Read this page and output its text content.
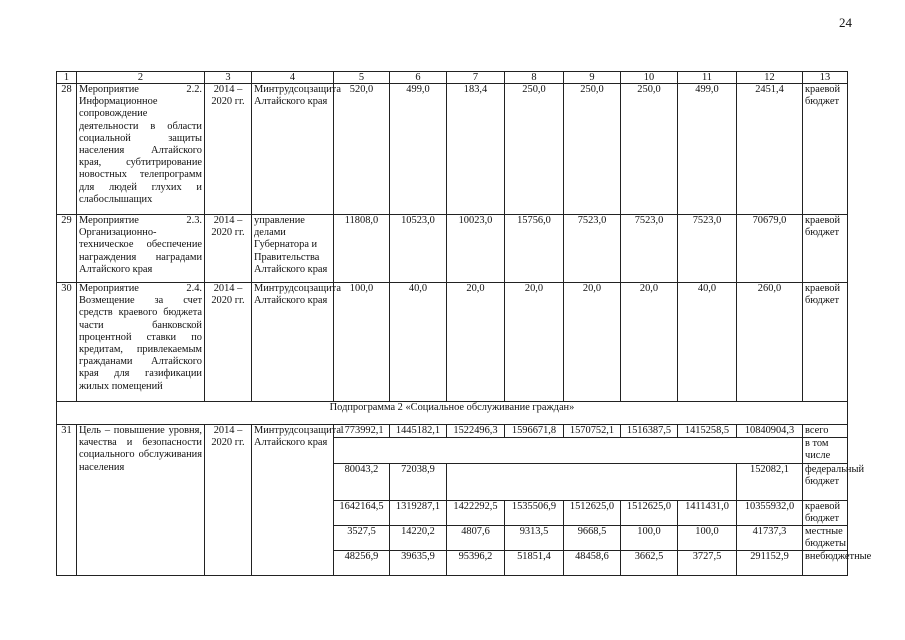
24
1	2	3	4	5	6	7	8	9	10	11	12	13
28	Мероприятие 2.2. Информационное сопровождение деятельности в области социальной защиты населения Алтайского края, субтитрирование новостных телепрограмм для людей глухих и слабослышащих	2014 – 2020 гг.	Минтрудсоцзащита Алтайского края	520,0	499,0	183,4	250,0	250,0	250,0	499,0	2451,4	краевой бюджет
29	Мероприятие 2.3. Организационно-техническое обеспечение награждения наградами Алтайского края	2014 – 2020 гг.	управление делами Губернатора и Правительства Алтайского края	11808,0	10523,0	10023,0	15756,0	7523,0	7523,0	7523,0	70679,0	краевой бюджет
30	Мероприятие 2.4. Возмещение за счет средств краевого бюджета части банковской процентной ставки по кредитам, привлекаемым гражданами Алтайского края для газификации жилых помещений	2014 – 2020 гг.	Минтрудсоцзащита Алтайского края	100,0	40,0	20,0	20,0	20,0	20,0	40,0	260,0	краевой бюджет
Подпрограмма 2 «Социальное обслуживание граждан»												
31	Цель – повышение уровня, качества и безопасности социального обслуживания населения	2014 – 2020 гг.	Минтрудсоцзащита Алтайского края	1773992,1	1445182,1	1522496,3	1596671,8	1570752,1	1516387,5	1415258,5	10840904,3	всего
												в том числе
				80043,2	72038,9						152082,1	федеральный бюджет
				1642164,5	1319287,1	1422292,5	1535506,9	1512625,0	1512625,0	1411431,0	10355932,0	краевой бюджет
				3527,5	14220,2	4807,6	9313,5	9668,5	100,0	100,0	41737,3	местные бюджеты
				48256,9	39635,9	95396,2	51851,4	48458,6	3662,5	3727,5	291152,9	внебюджетные
